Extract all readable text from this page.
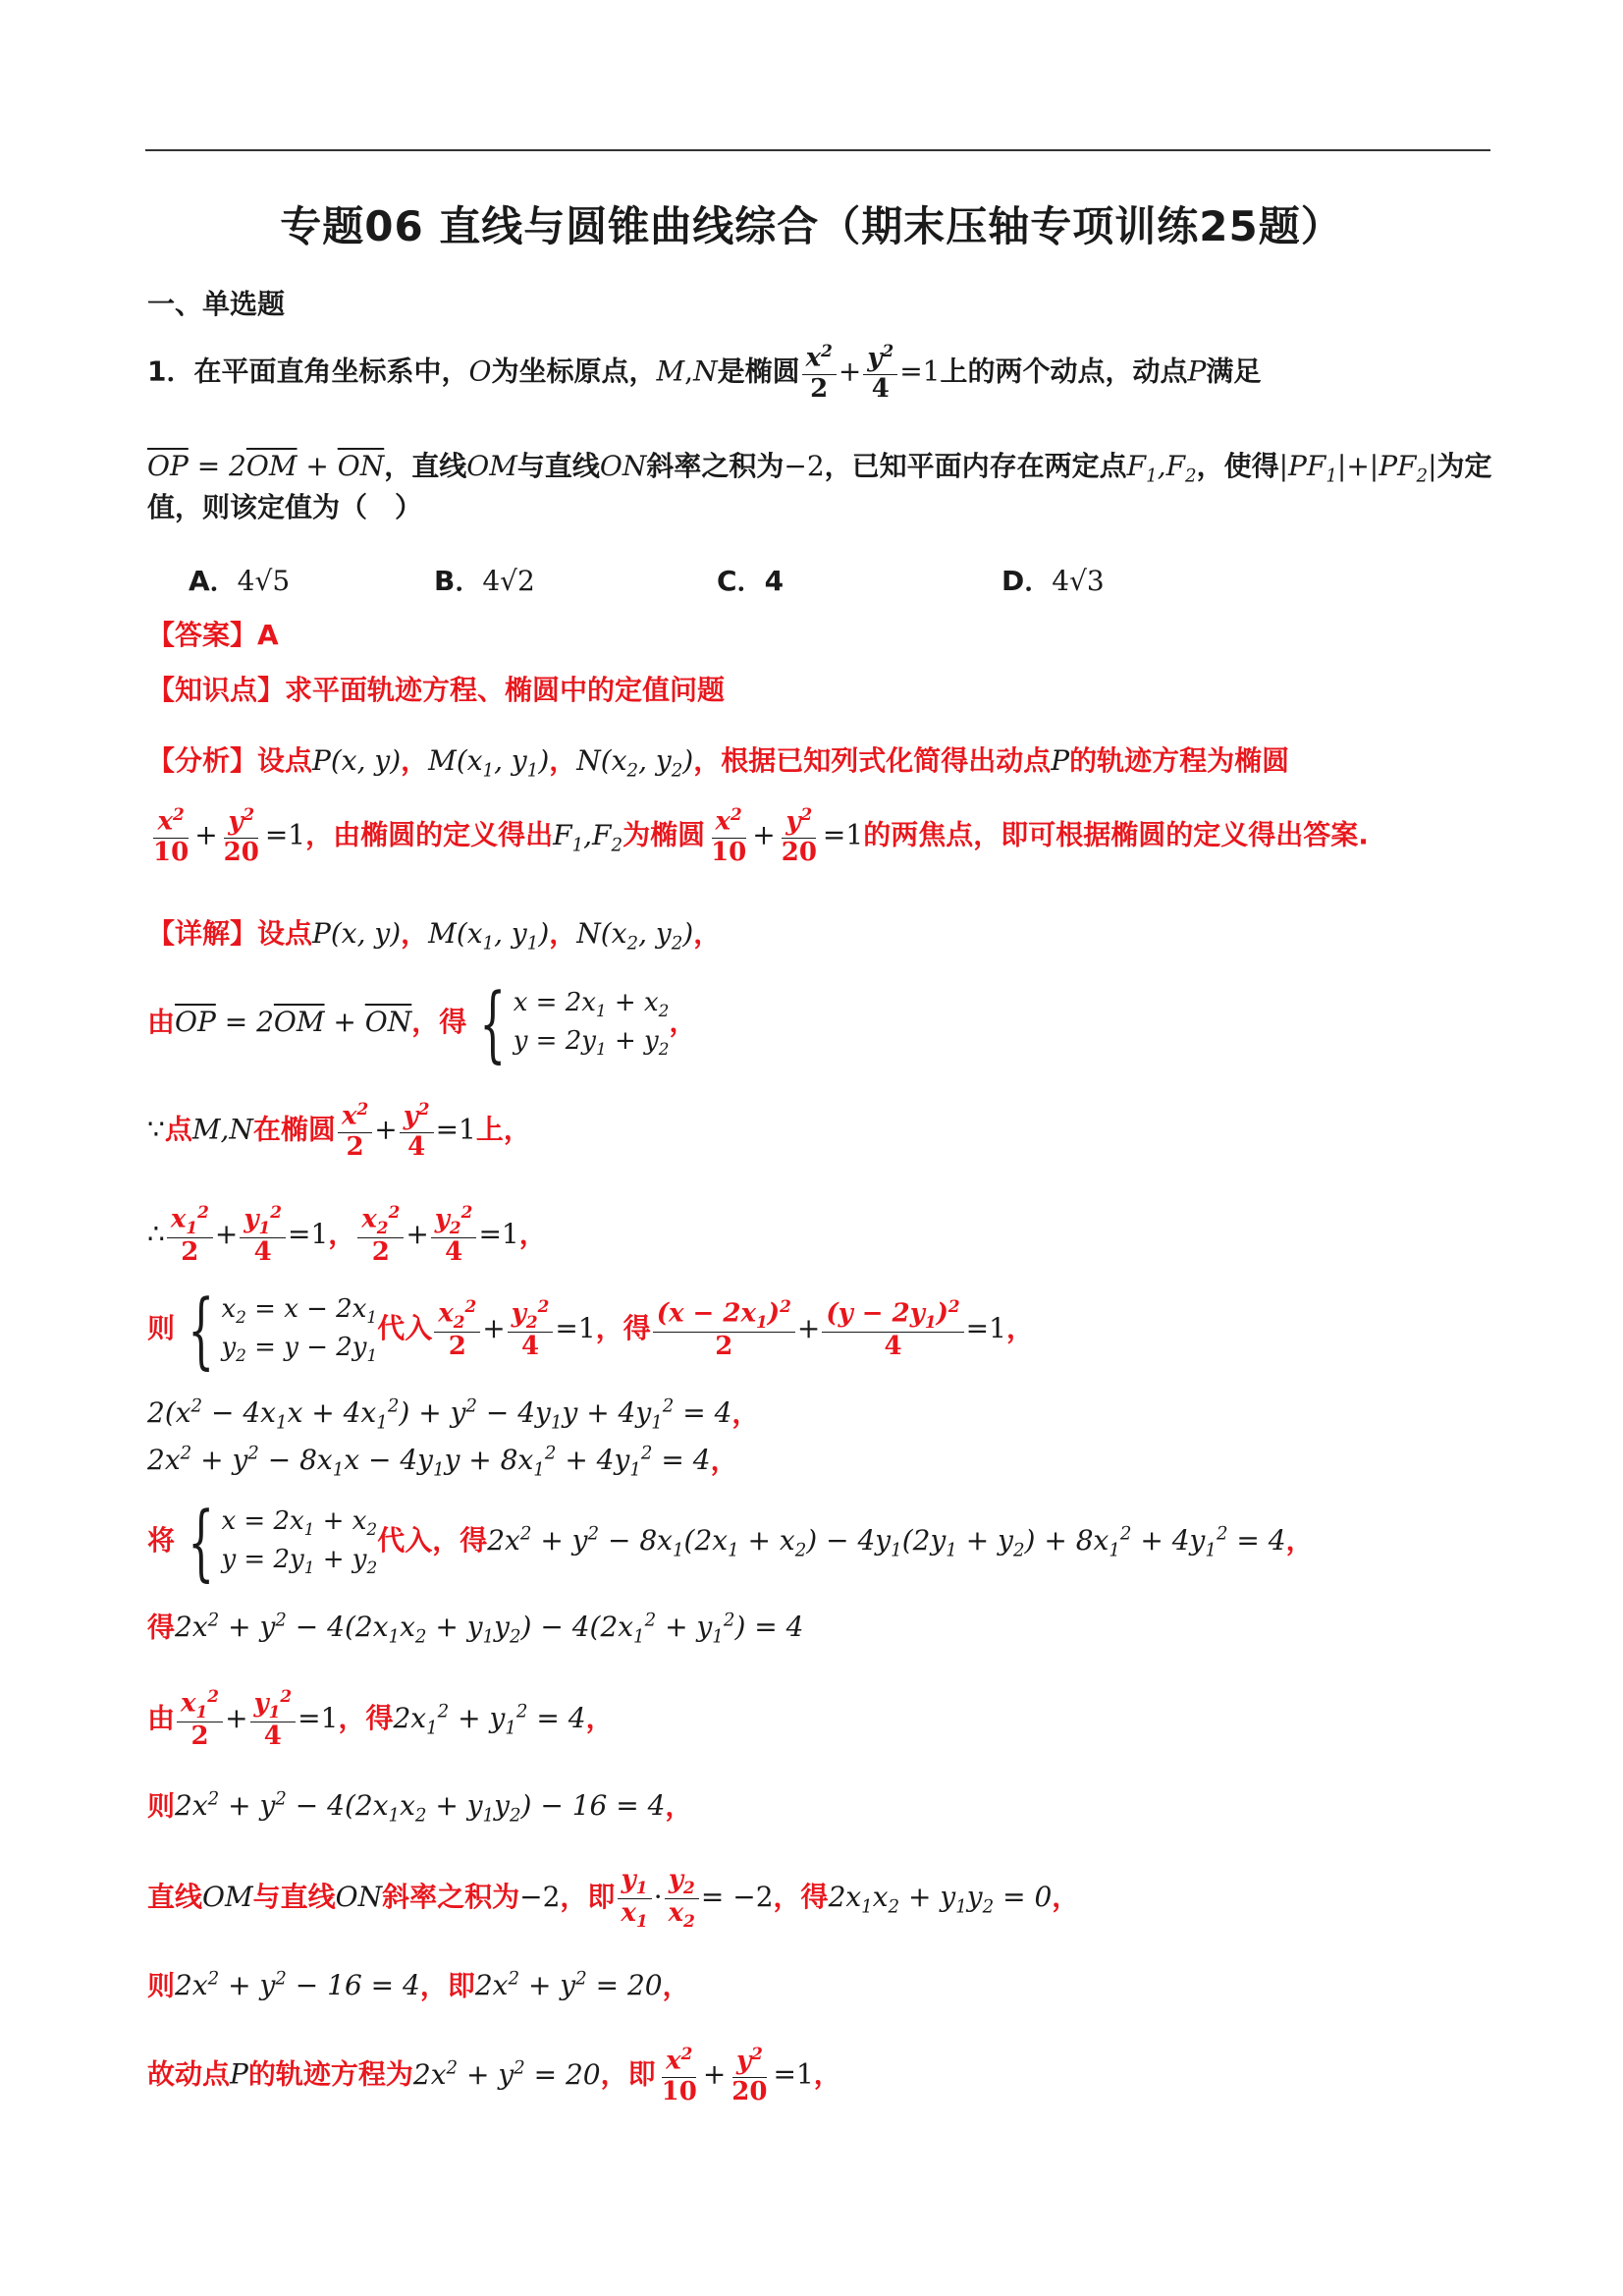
专题06 直线与圆锥曲线综合（期末压轴专项训练25题）
一、单选题
1．在平面直角坐标系中，O为坐标原点，M,N是椭圆 $\frac{x^2}{2} + \frac{y^2}{4} =1$上的两个动点，动点P满足
$\overline{OP} = 2\overline{OM} + \overline{ON}$，直线OM与直线ON斜率之积为−2，已知平面内存在两定点$F_1,F_2$，使得$|PF_1|+|PF_2|$为定
值，则该定值为（　）
A．4√5	B．4√2	C．4	D．4√3
【答案】A
【知识点】求平面轨迹方程、椭圆中的定值问题
【分析】设点P(x, y)，$M(x_1$, $y_1$)，$N(x_2$, $y_2$)，根据已知列式化简得出动点P的轨迹方程为椭圆
$\frac{x^2}{10} + \frac{y^2}{20} =1$，由椭圆的定义得出$F_1,F_2$为椭圆 $\frac{x^2}{10} + \frac{y^2}{20} =1$的两焦点，即可根据椭圆的定义得出答案.
【详解】设点P(x, y)，$M(x_1$, $y_1$)，$N(x_2$, $y_2$)，
由$\overline{OP} = 2\overline{OM} + \overline{ON}$，得 { $x = 2x_1 + x_2$
$y = 2y_1 + y_2$
，
∵点M,N在椭圆 $\frac{x^2}{2} + \frac{y^2}{4} =1$上，
∴ $\frac{x_1^2}{2} + \frac{y_1^2}{4} =1$， $\frac{x_2^2}{2} + \frac{y_2^2}{4} =1$，
则 { $x_2 = x - 2x_1$
$y_2 = y - 2y_1$
代入 $\frac{x_2^2}{2} + \frac{y_2^2}{4} =1$，得 $\frac{(x - 2x_1)^2}{2} + \frac{(y - 2y_1)^2}{4} =1$，
$2(x^2 - 4x_1x + 4x_1^2) + y^2 - 4y_1y + 4y_1^2 = 4$，
$2x^2 + y^2 - 8x_1x - 4y_1y + 8x_1^2 + 4y_1^2 = 4$，
将 { $x = 2x_1 + x_2$
$y = 2y_1 + y_2$
代入，得$2x^2 + y^2 - 8x_1(2x_1 + x_2) - 4y_1(2y_1 + y_2) + 8x_1^2 + 4y_1^2 = 4$，
得$2x^2 + y^2 - 4(2x_1x_2 + y_1y_2) - 4(2x_1^2 + y_1^2) = 4$
由 $\frac{x_1^2}{2} + \frac{y_1^2}{4} =1$，得$2x_1^2 + y_1^2 = 4$，
则$2x^2 + y^2 - 4(2x_1x_2 + y_1y_2) - 16 = 4$，
直线OM与直线ON斜率之积为−2，即 $\frac{y_1}{x_1} \cdot \frac{y_2}{x_2} = -2$，得$2x_1x_2 + y_1y_2 = 0$，
则$2x^2 + y^2 - 16 = 4$，即$2x^2 + y^2 = 20$，
故动点P的轨迹方程为$2x^2 + y^2 = 20$，即 $\frac{x^2}{10} + \frac{y^2}{20} =1$，
